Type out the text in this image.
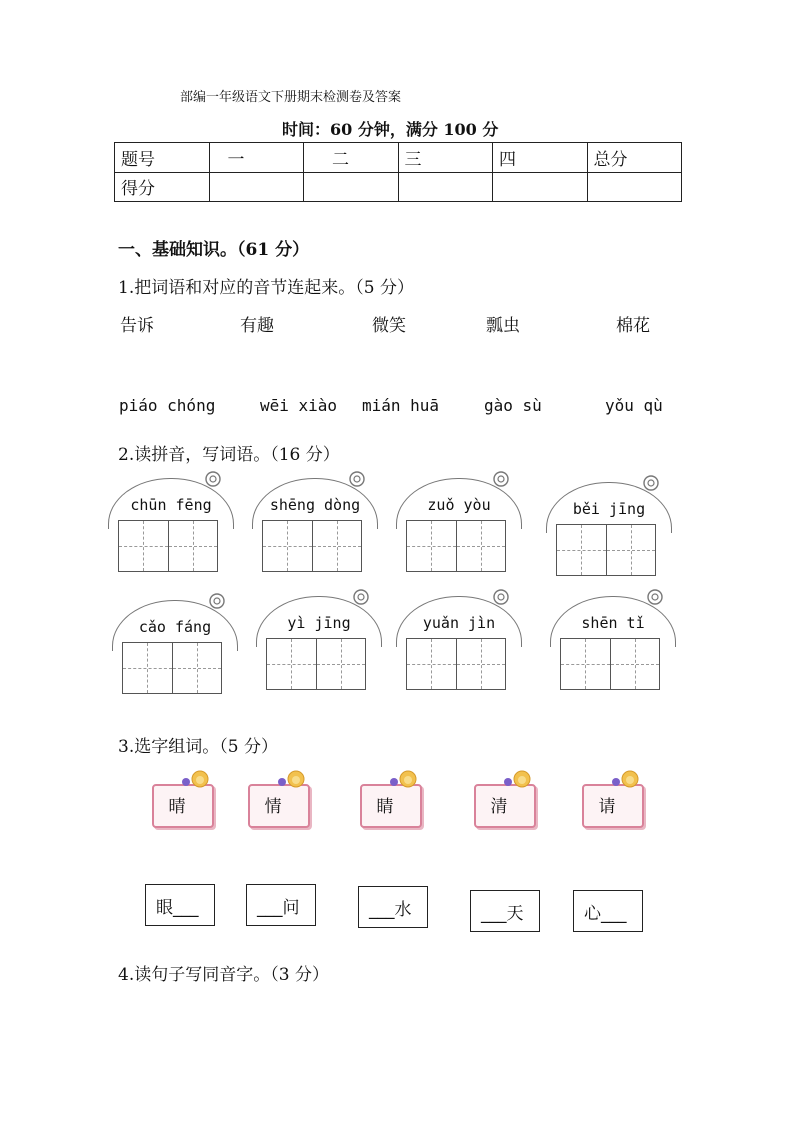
部编一年级语文下册期末检测卷及答案
时间：60 分钟，满分 100 分
题号	一	二	三	四	总分
得分					
一、基础知识。（61 分）
1.把词语和对应的音节连起来。（5 分）
告诉	有趣	微笑	瓢虫	棉花
piáo chóng	wēi xiào mián huā	gào sù	yǒu qù
2.读拼音，写词语。（16 分）
chūn fēng	shēng dòng	zuǒ yòu	běi jīng
cǎo fáng	yì jīng	yuǎn jìn	shēn tǐ
3.选字组词。（5 分）
晴	情	睛	清	请
眼___	___问	___水	___天	心___
4.读句子写同音字。（3 分）
